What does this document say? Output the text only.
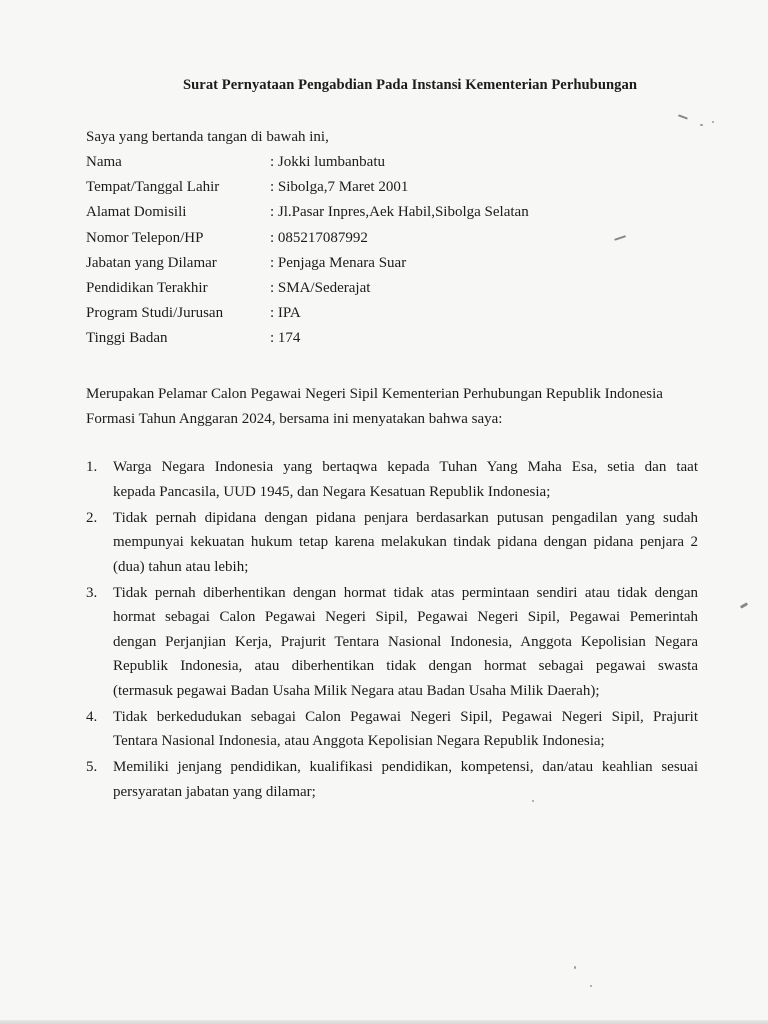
Surat Pernyataan Pengabdian Pada Instansi Kementerian Perhubungan
Saya yang bertanda tangan di bawah ini,
Nama	: Jokki lumbanbatu
Tempat/Tanggal Lahir	: Sibolga,7 Maret 2001
Alamat Domisili	: Jl.Pasar Inpres,Aek Habil,Sibolga Selatan
Nomor Telepon/HP	: 085217087992
Jabatan yang Dilamar	: Penjaga Menara Suar
Pendidikan Terakhir	: SMA/Sederajat
Program Studi/Jurusan	: IPA
Tinggi Badan	: 174

Merupakan Pelamar Calon Pegawai Negeri Sipil Kementerian Perhubungan Republik Indonesia

Formasi Tahun Anggaran 2024, bersama ini menyatakan bahwa saya:

1. Warga Negara Indonesia yang bertaqwa kepada Tuhan Yang Maha Esa, setia dan taat
kepada Pancasila, UUD 1945, dan Negara Kesatuan Republik Indonesia;
2. Tidak pernah dipidana dengan pidana penjara berdasarkan putusan pengadilan yang sudah
mempunyai kekuatan hukum tetap karena melakukan tindak pidana dengan pidana penjara 2
(dua) tahun atau lebih;
3. Tidak pernah diberhentikan dengan hormat tidak atas permintaan sendiri atau tidak dengan
hormat sebagai Calon Pegawai Negeri Sipil, Pegawai Negeri Sipil, Pegawai Pemerintah
dengan Perjanjian Kerja, Prajurit Tentara Nasional Indonesia, Anggota Kepolisian Negara
Republik Indonesia, atau diberhentikan tidak dengan hormat sebagai pegawai swasta
(termasuk pegawai Badan Usaha Milik Negara atau Badan Usaha Milik Daerah);
4. Tidak berkedudukan sebagai Calon Pegawai Negeri Sipil, Pegawai Negeri Sipil, Prajurit
Tentara Nasional Indonesia, atau Anggota Kepolisian Negara Republik Indonesia;
5. Memiliki jenjang pendidikan, kualifikasi pendidikan, kompetensi, dan/atau keahlian sesuai
persyaratan jabatan yang dilamar;
